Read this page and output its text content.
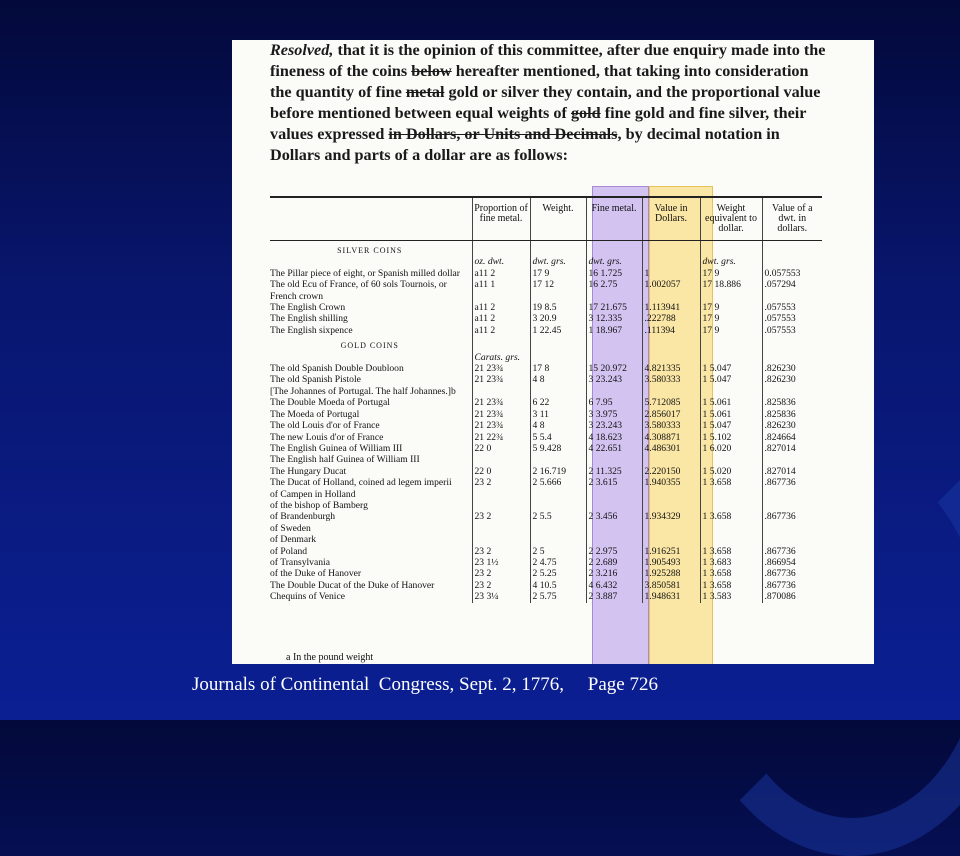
Resolved, that it is the opinion of this committee, after due enquiry made into the fineness of the coins below hereafter mentioned, that taking into consideration the quantity of fine metal gold or silver they contain, and the proportional value before mentioned between equal weights of gold fine gold and fine silver, their values expressed in Dollars, or Units and Decimals, by decimal notation in Dollars and parts of a dollar are as follows:

	Proportion of fine metal.	Weight.	Fine metal.	Value in Dollars.	Weight equivalent to dollar.	Value of a dwt. in dollars.
SILVER COINS						
	oz. dwt.	dwt. grs.	dwt. grs.		dwt. grs.	
The Pillar piece of eight, or Spanish milled dollar	a11 2	17 9	16 1.725	1	17 9	0.057553
The old Ecu of France, of 60 sols Tournois, or French crown	a11 1	17 12	16 2.75	1.002057	17 18.886	.057294
The English Crown	a11 2	19 8.5	17 21.675	1.113941	17 9	.057553
The English shilling	a11 2	3 20.9	3 12.335	.222788	17 9	.057553
The English sixpence	a11 2	1 22.45	1 18.967	.111394	17 9	.057553
GOLD COINS						
	Carats. grs.					
The old Spanish Double Doubloon	21 23¾	17 8	15 20.972	4.821335	1 5.047	.826230
The old Spanish Pistole	21 23¾	4 8	3 23.243	3.580333	1 5.047	.826230
[The Johannes of Portugal. The half Johannes.]b						
The Double Moeda of Portugal	21 23¾	6 22	6 7.95	5.712085	1 5.061	.825836
The Moeda of Portugal	21 23¾	3 11	3 3.975	2.856017	1 5.061	.825836
The old Louis d'or of France	21 23¾	4 8	3 23.243	3.580333	1 5.047	.826230
The new Louis d'or of France	21 22¾	5 5.4	4 18.623	4.308871	1 5.102	.824664
The English Guinea of William III	22 0	5 9.428	4 22.651	4.486301	1 6.020	.827014
The English half Guinea of William III						
The Hungary Ducat	22 0	2 16.719	2 11.325	2.220150	1 5.020	.827014
The Ducat of Holland, coined ad legem imperii	23 2	2 5.666	2 3.615	1.940355	1 3.658	.867736
of Campen in Holland						
of the bishop of Bamberg						
of Brandenburgh	23 2	2 5.5	2 3.456	1.934329	1 3.658	.867736
of Sweden						
of Denmark						
of Poland	23 2	2 5	2 2.975	1.916251	1 3.658	.867736
of Transylvania	23 1½	2 4.75	2 2.689	1.905493	1 3.683	.866954
of the Duke of Hanover	23 2	2 5.25	2 3.216	1.925288	1 3.658	.867736
The Double Ducat of the Duke of Hanover	23 2	4 10.5	4 6.432	3.850581	1 3.658	.867736
Chequins of Venice	23 3¼	2 5.75	2 3.887	1.948631	1 3.583	.870086
a In the pound weight
Journals of Continental  Congress, Sept. 2, 1776,     Page 726
